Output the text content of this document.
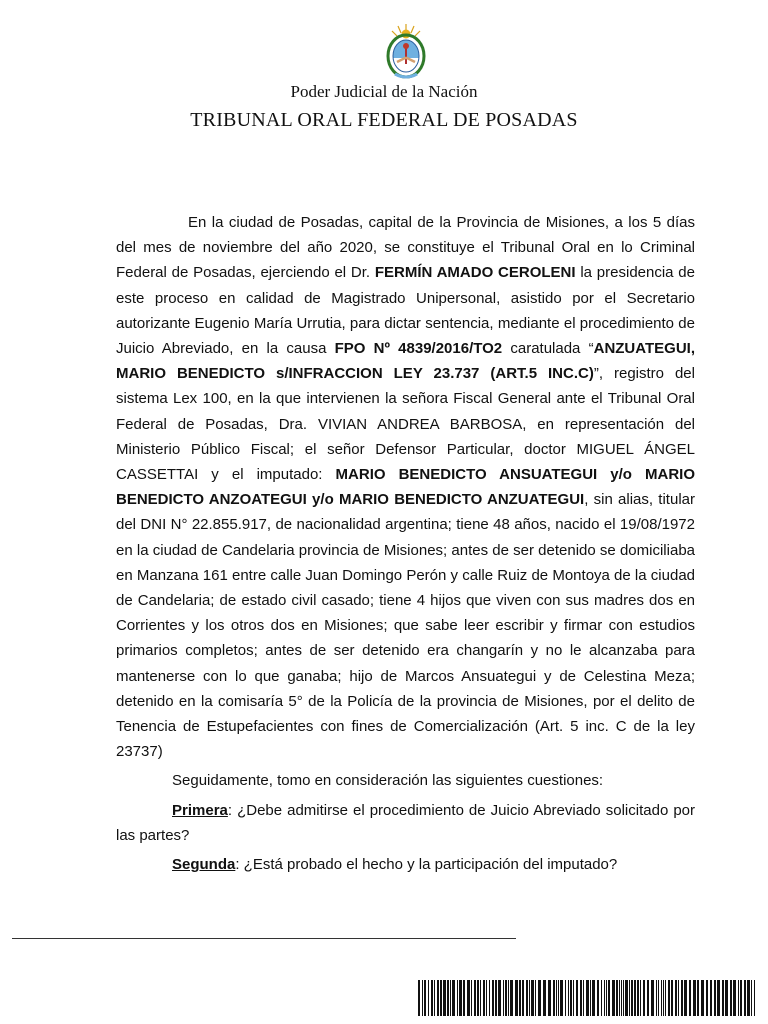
Poder Judicial de la Nación
TRIBUNAL ORAL FEDERAL DE POSADAS

En la ciudad de Posadas, capital de la Provincia de Misiones, a los 5 días del mes de noviembre del año 2020, se constituye el Tribunal Oral en lo Criminal Federal de Posadas, ejerciendo el Dr. FERMÍN AMADO CEROLENI la presidencia de este proceso en calidad de Magistrado Unipersonal, asistido por el Secretario autorizante Eugenio María Urrutia, para dictar sentencia, mediante el procedimiento de Juicio Abreviado, en la causa FPO Nº 4839/2016/TO2 caratulada “ANZUATEGUI, MARIO BENEDICTO s/INFRACCION LEY 23.737 (ART.5 INC.C)”, registro del sistema Lex 100, en la que intervienen la señora Fiscal General ante el Tribunal Oral Federal de Posadas, Dra. VIVIAN ANDREA BARBOSA, en representación del Ministerio Público Fiscal; el señor Defensor Particular, doctor MIGUEL ÁNGEL CASSETTAI y el imputado: MARIO BENEDICTO ANSUATEGUI y/o MARIO BENEDICTO ANZOATEGUI y/o MARIO BENEDICTO ANZUATEGUI, sin alias, titular del DNI N° 22.855.917, de nacionalidad argentina; tiene 48 años, nacido el 19/08/1972 en la ciudad de Candelaria provincia de Misiones; antes de ser detenido se domiciliaba en Manzana 161 entre calle Juan Domingo Perón y calle Ruiz de Montoya de la ciudad de Candelaria; de estado civil casado; tiene 4 hijos que viven con sus madres dos en Corrientes y los otros dos en Misiones; que sabe leer escribir y firmar con estudios primarios completos; antes de ser detenido era changarín y no le alcanzaba para mantenerse con lo que ganaba; hijo de Marcos Ansuategui y de Celestina Meza; detenido en la comisaría 5° de la Policía de la provincia de Misiones, por el delito de Tenencia de Estupefacientes con fines de Comercialización (Art. 5 inc. C de la ley 23737)

Seguidamente, tomo en consideración las siguientes cuestiones:

Primera: ¿Debe admitirse el procedimiento de Juicio Abreviado solicitado por las partes?

Segunda: ¿Está probado el hecho y la participación del imputado?
